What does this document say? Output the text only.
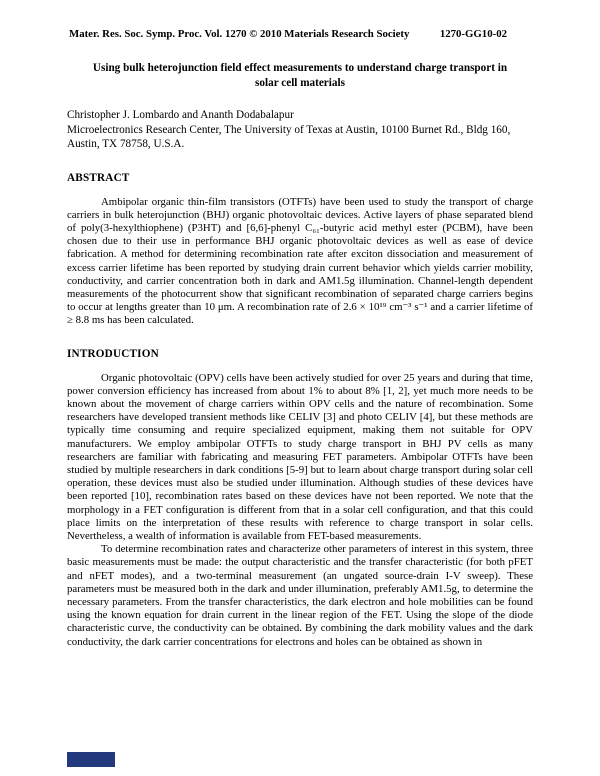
Mater. Res. Soc. Symp. Proc. Vol. 1270 © 2010 Materials Research Society	1270-GG10-02
Using bulk heterojunction field effect measurements to understand charge transport in solar cell materials
Christopher J. Lombardo and Ananth Dodabalapur
Microelectronics Research Center, The University of Texas at Austin, 10100 Burnet Rd., Bldg 160, Austin, TX 78758, U.S.A.
ABSTRACT

Ambipolar organic thin-film transistors (OTFTs) have been used to study the transport of charge carriers in bulk heterojunction (BHJ) organic photovoltaic devices. Active layers of phase separated blend of poly(3-hexylthiophene) (P3HT) and [6,6]-phenyl C₆₁-butyric acid methyl ester (PCBM), have been chosen due to their use in performance BHJ organic photovoltaic devices as well as ease of device fabrication. A method for determining recombination rate after exciton dissociation and measurement of excess carrier lifetime has been reported by studying drain current behavior which yields carrier mobility, conductivity, and carrier concentration both in dark and AM1.5g illumination. Channel-length dependent measurements of the photocurrent show that significant recombination of separated charge carriers begins to occur at lengths greater than 10 μm. A recombination rate of 2.6 × 10¹⁹ cm⁻³ s⁻¹ and a carrier lifetime of ≥ 8.8 ms has been calculated.

INTRODUCTION

Organic photovoltaic (OPV) cells have been actively studied for over 25 years and during that time, power conversion efficiency has increased from about 1% to about 8% [1, 2], yet much more needs to be known about the movement of charge carriers within OPV cells and the nature of recombination. Some researchers have developed transient methods like CELIV [3] and photo CELIV [4], but these methods are typically time consuming and require specialized equipment, making them not suitable for OPV manufacturers. We employ ambipolar OTFTs to study charge transport in BHJ PV cells as many researchers are familiar with fabricating and measuring FET parameters. Ambipolar OTFTs have been studied by multiple researchers in dark conditions [5-9] but to learn about charge transport during solar cell operation, these devices must also be studied under illumination. Although studies of these devices have been reported [10], recombination rates based on these devices have not been reported. We note that the morphology in a FET configuration is different from that in a solar cell configuration, and that this could place limits on the interpretation of these results with reference to charge transport in solar cells. Nevertheless, a wealth of information is available from FET-based measurements.

To determine recombination rates and characterize other parameters of interest in this system, three basic measurements must be made: the output characteristic and the transfer characteristic (for both pFET and nFET modes), and a two-terminal measurement (an ungated source-drain I-V sweep). These parameters must be measured both in the dark and under illumination, preferably AM1.5g, to determine the necessary parameters. From the transfer characteristics, the dark electron and hole mobilities can be found using the known equation for drain current in the linear region of the FET. Using the slope of the diode characteristic curve, the conductivity can be obtained. By combining the dark mobility values and the dark conductivity, the dark carrier concentrations for electrons and holes can be obtained as shown in
